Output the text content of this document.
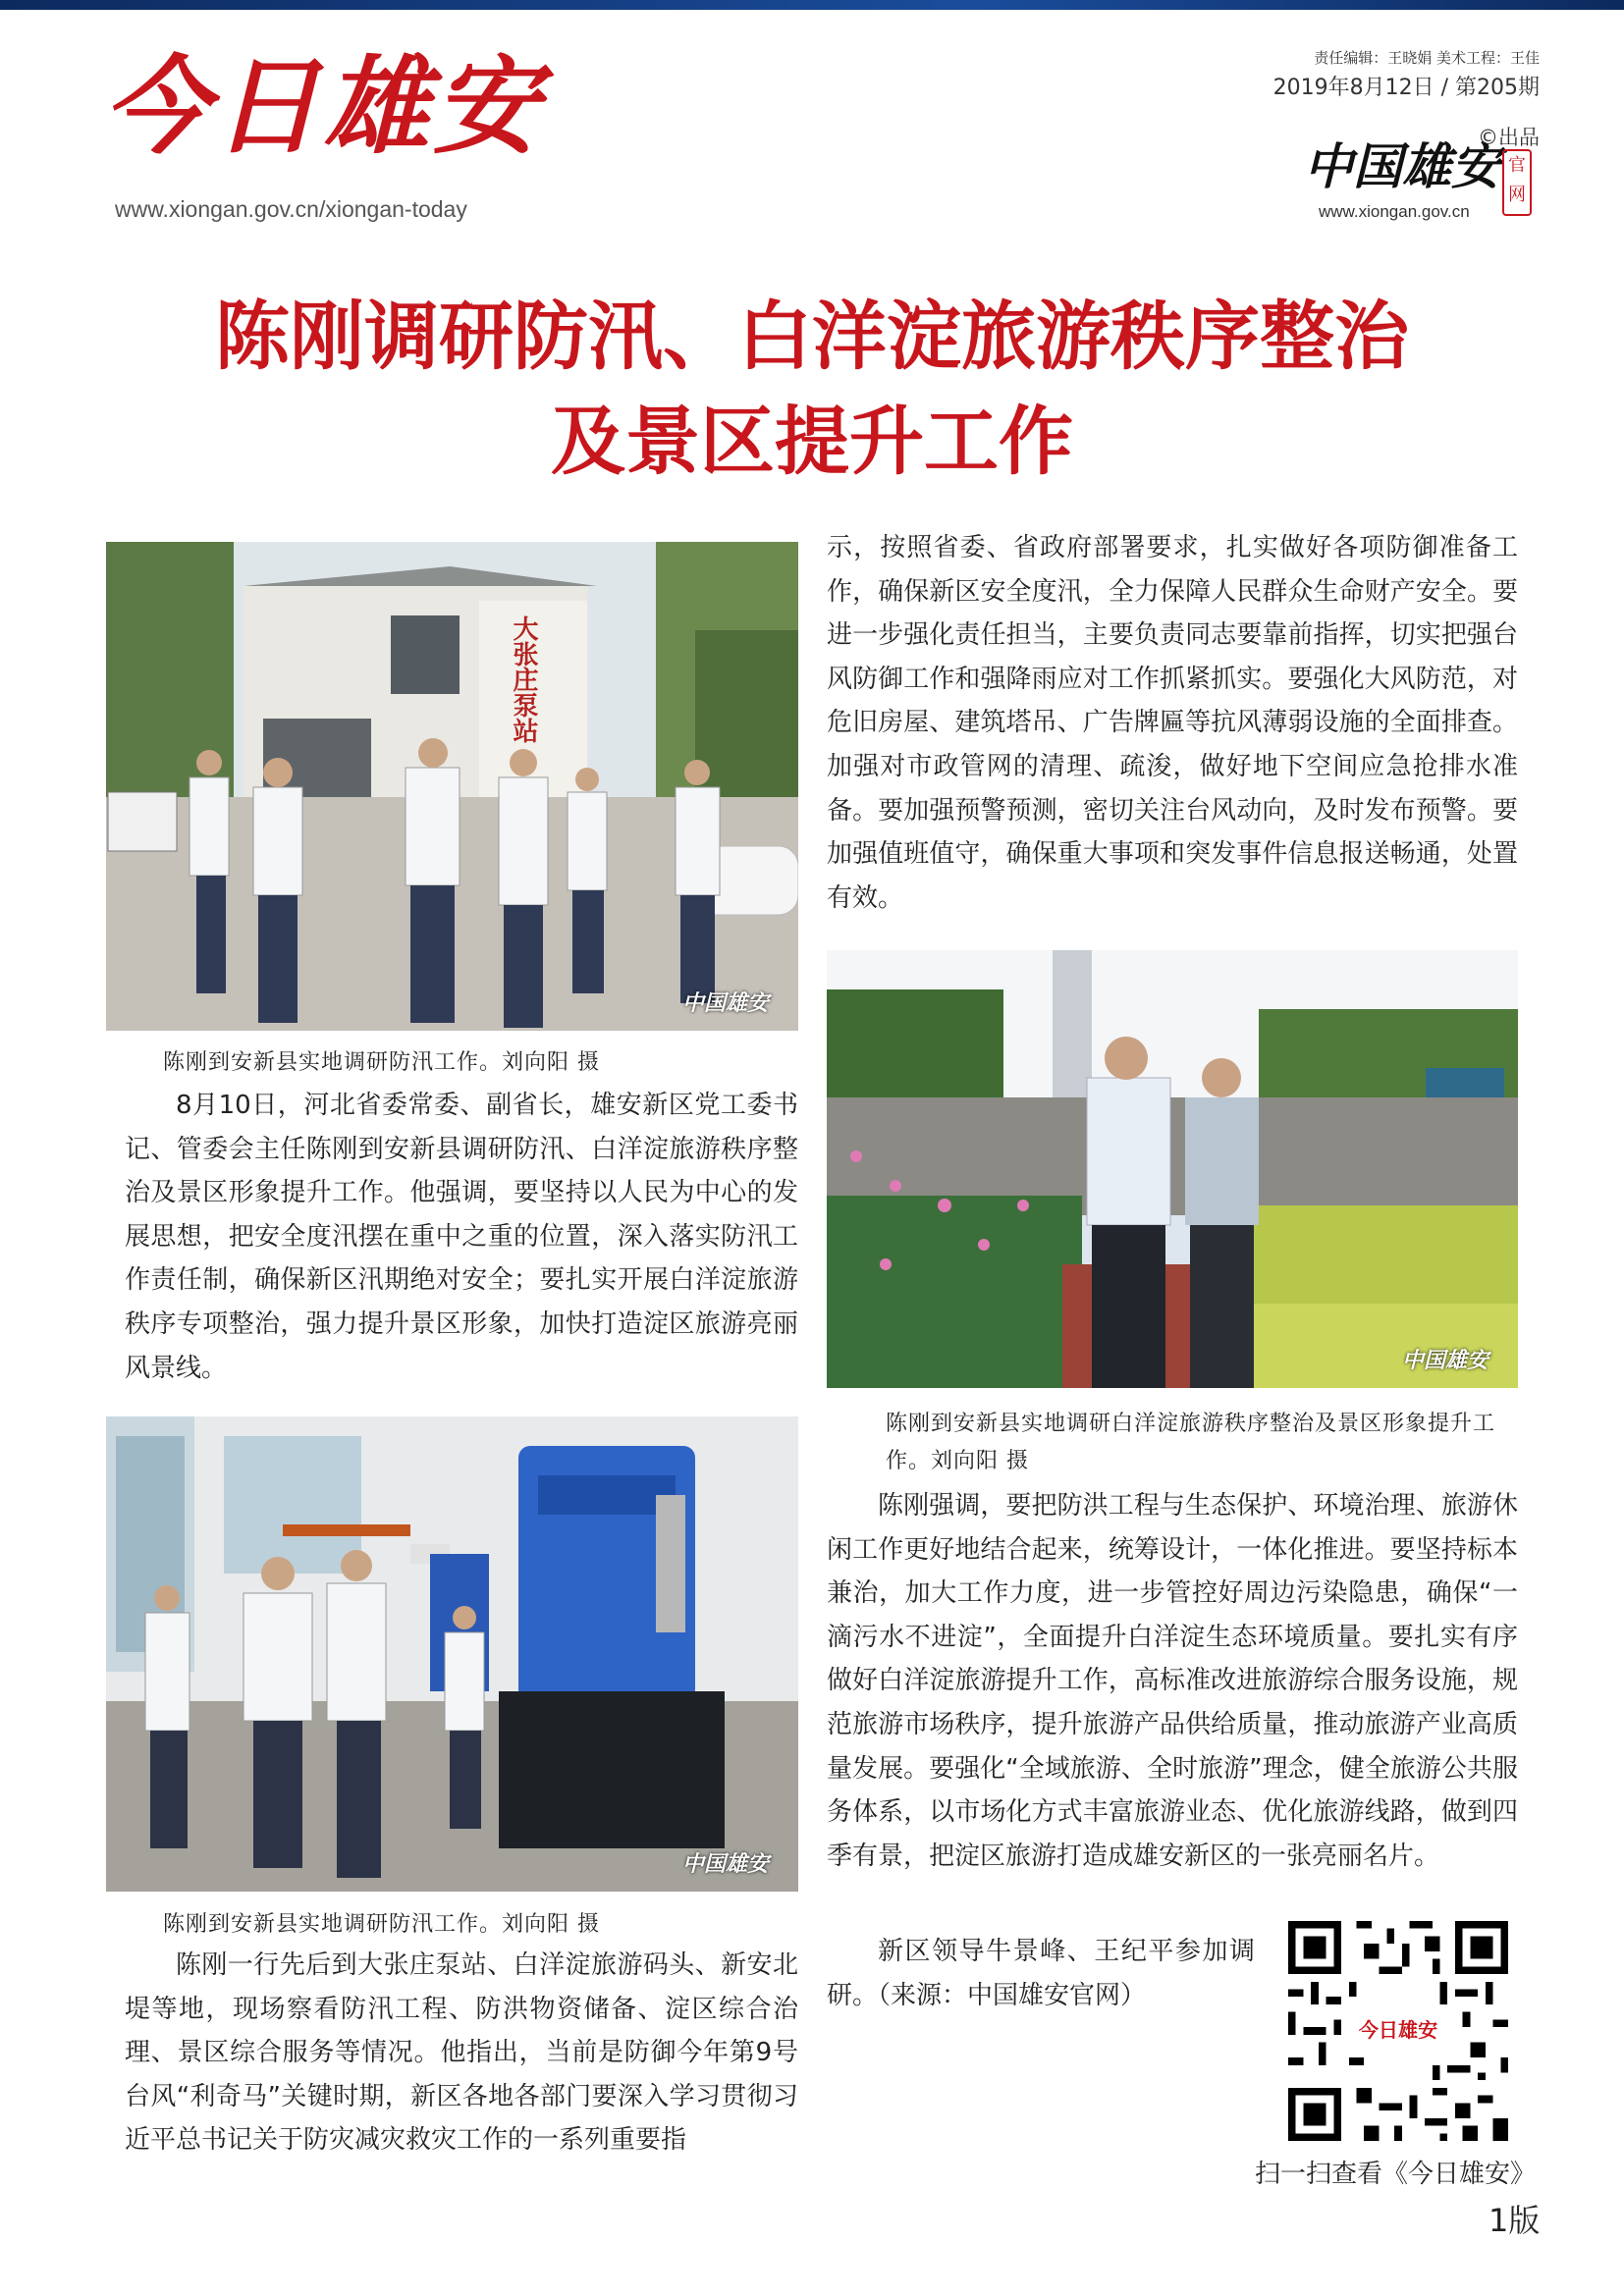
今日雄安
www.xiongan.gov.cn/xiongan-today
责任编辑：王晓娟 美术工程：王佳
2019年8月12日 / 第205期
©出品
中国雄安 官网
www.xiongan.gov.cn
陈刚调研防汛、白洋淀旅游秩序整治
及景区提升工作
大张庄泵站
中国雄安
陈刚到安新县实地调研防汛工作。刘向阳 摄

8月10日，河北省委常委、副省长，雄安新区党工委书记、管委会主任陈刚到安新县调研防汛、白洋淀旅游秩序整治及景区形象提升工作。他强调，要坚持以人民为中心的发展思想，把安全度汛摆在重中之重的位置，深入落实防汛工作责任制，确保新区汛期绝对安全；要扎实开展白洋淀旅游秩序专项整治，强力提升景区形象，加快打造淀区旅游亮丽风景线。

中国雄安
陈刚到安新县实地调研防汛工作。刘向阳 摄

陈刚一行先后到大张庄泵站、白洋淀旅游码头、新安北堤等地，现场察看防汛工程、防洪物资储备、淀区综合治理、景区综合服务等情况。他指出，当前是防御今年第9号台风“利奇马”关键时期，新区各地各部门要深入学习贯彻习近平总书记关于防灾减灾救灾工作的一系列重要指

示，按照省委、省政府部署要求，扎实做好各项防御准备工作，确保新区安全度汛，全力保障人民群众生命财产安全。要进一步强化责任担当，主要负责同志要靠前指挥，切实把强台风防御工作和强降雨应对工作抓紧抓实。要强化大风防范，对危旧房屋、建筑塔吊、广告牌匾等抗风薄弱设施的全面排查。加强对市政管网的清理、疏浚，做好地下空间应急抢排水准备。要加强预警预测，密切关注台风动向，及时发布预警。要加强值班值守，确保重大事项和突发事件信息报送畅通，处置有效。

中国雄安
陈刚到安新县实地调研白洋淀旅游秩序整治及景区形象提升工作。刘向阳 摄

陈刚强调，要把防洪工程与生态保护、环境治理、旅游休闲工作更好地结合起来，统筹设计，一体化推进。要坚持标本兼治，加大工作力度，进一步管控好周边污染隐患，确保“一滴污水不进淀”，全面提升白洋淀生态环境质量。要扎实有序做好白洋淀旅游提升工作，高标准改进旅游综合服务设施，规范旅游市场秩序，提升旅游产品供给质量，推动旅游产业高质量发展。要强化“全域旅游、全时旅游”理念，健全旅游公共服务体系，以市场化方式丰富旅游业态、优化旅游线路，做到四季有景，把淀区旅游打造成雄安新区的一张亮丽名片。

新区领导牛景峰、王纪平参加调研。（来源：中国雄安官网）

今日雄安
扫一扫查看《今日雄安》
1版
